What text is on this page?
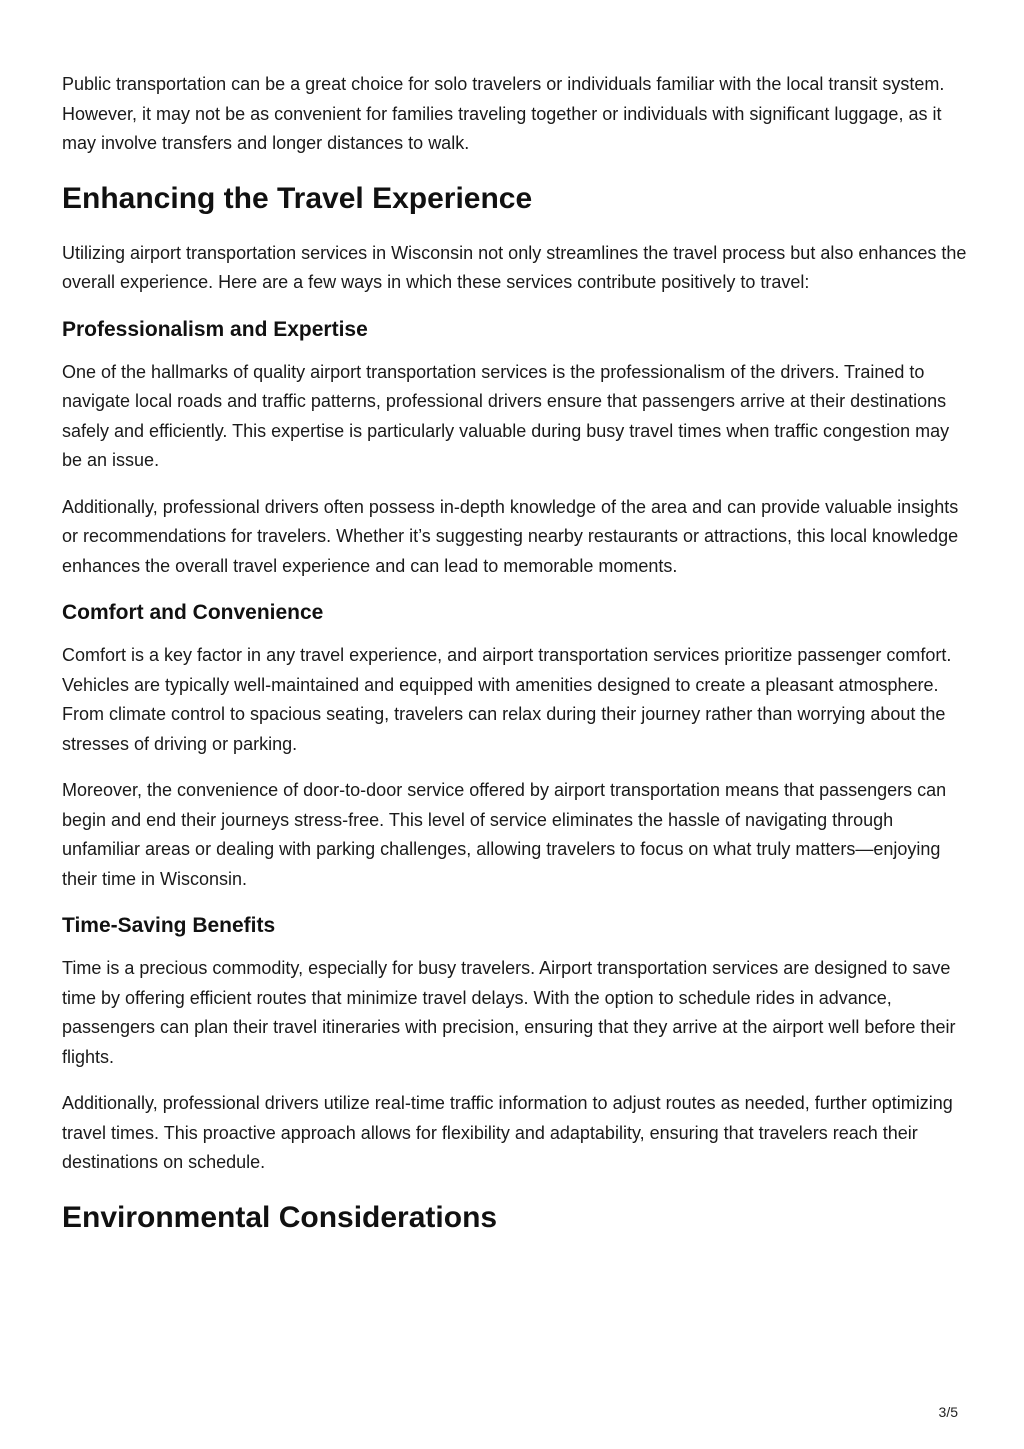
Public transportation can be a great choice for solo travelers or individuals familiar with the local transit system. However, it may not be as convenient for families traveling together or individuals with significant luggage, as it may involve transfers and longer distances to walk.

Enhancing the Travel Experience

Utilizing airport transportation services in Wisconsin not only streamlines the travel process but also enhances the overall experience. Here are a few ways in which these services contribute positively to travel:

Professionalism and Expertise

One of the hallmarks of quality airport transportation services is the professionalism of the drivers. Trained to navigate local roads and traffic patterns, professional drivers ensure that passengers arrive at their destinations safely and efficiently. This expertise is particularly valuable during busy travel times when traffic congestion may be an issue.

Additionally, professional drivers often possess in-depth knowledge of the area and can provide valuable insights or recommendations for travelers. Whether it’s suggesting nearby restaurants or attractions, this local knowledge enhances the overall travel experience and can lead to memorable moments.

Comfort and Convenience

Comfort is a key factor in any travel experience, and airport transportation services prioritize passenger comfort. Vehicles are typically well-maintained and equipped with amenities designed to create a pleasant atmosphere. From climate control to spacious seating, travelers can relax during their journey rather than worrying about the stresses of driving or parking.

Moreover, the convenience of door-to-door service offered by airport transportation means that passengers can begin and end their journeys stress-free. This level of service eliminates the hassle of navigating through unfamiliar areas or dealing with parking challenges, allowing travelers to focus on what truly matters—enjoying their time in Wisconsin.

Time-Saving Benefits

Time is a precious commodity, especially for busy travelers. Airport transportation services are designed to save time by offering efficient routes that minimize travel delays. With the option to schedule rides in advance, passengers can plan their travel itineraries with precision, ensuring that they arrive at the airport well before their flights.

Additionally, professional drivers utilize real-time traffic information to adjust routes as needed, further optimizing travel times. This proactive approach allows for flexibility and adaptability, ensuring that travelers reach their destinations on schedule.

Environmental Considerations
3/5
